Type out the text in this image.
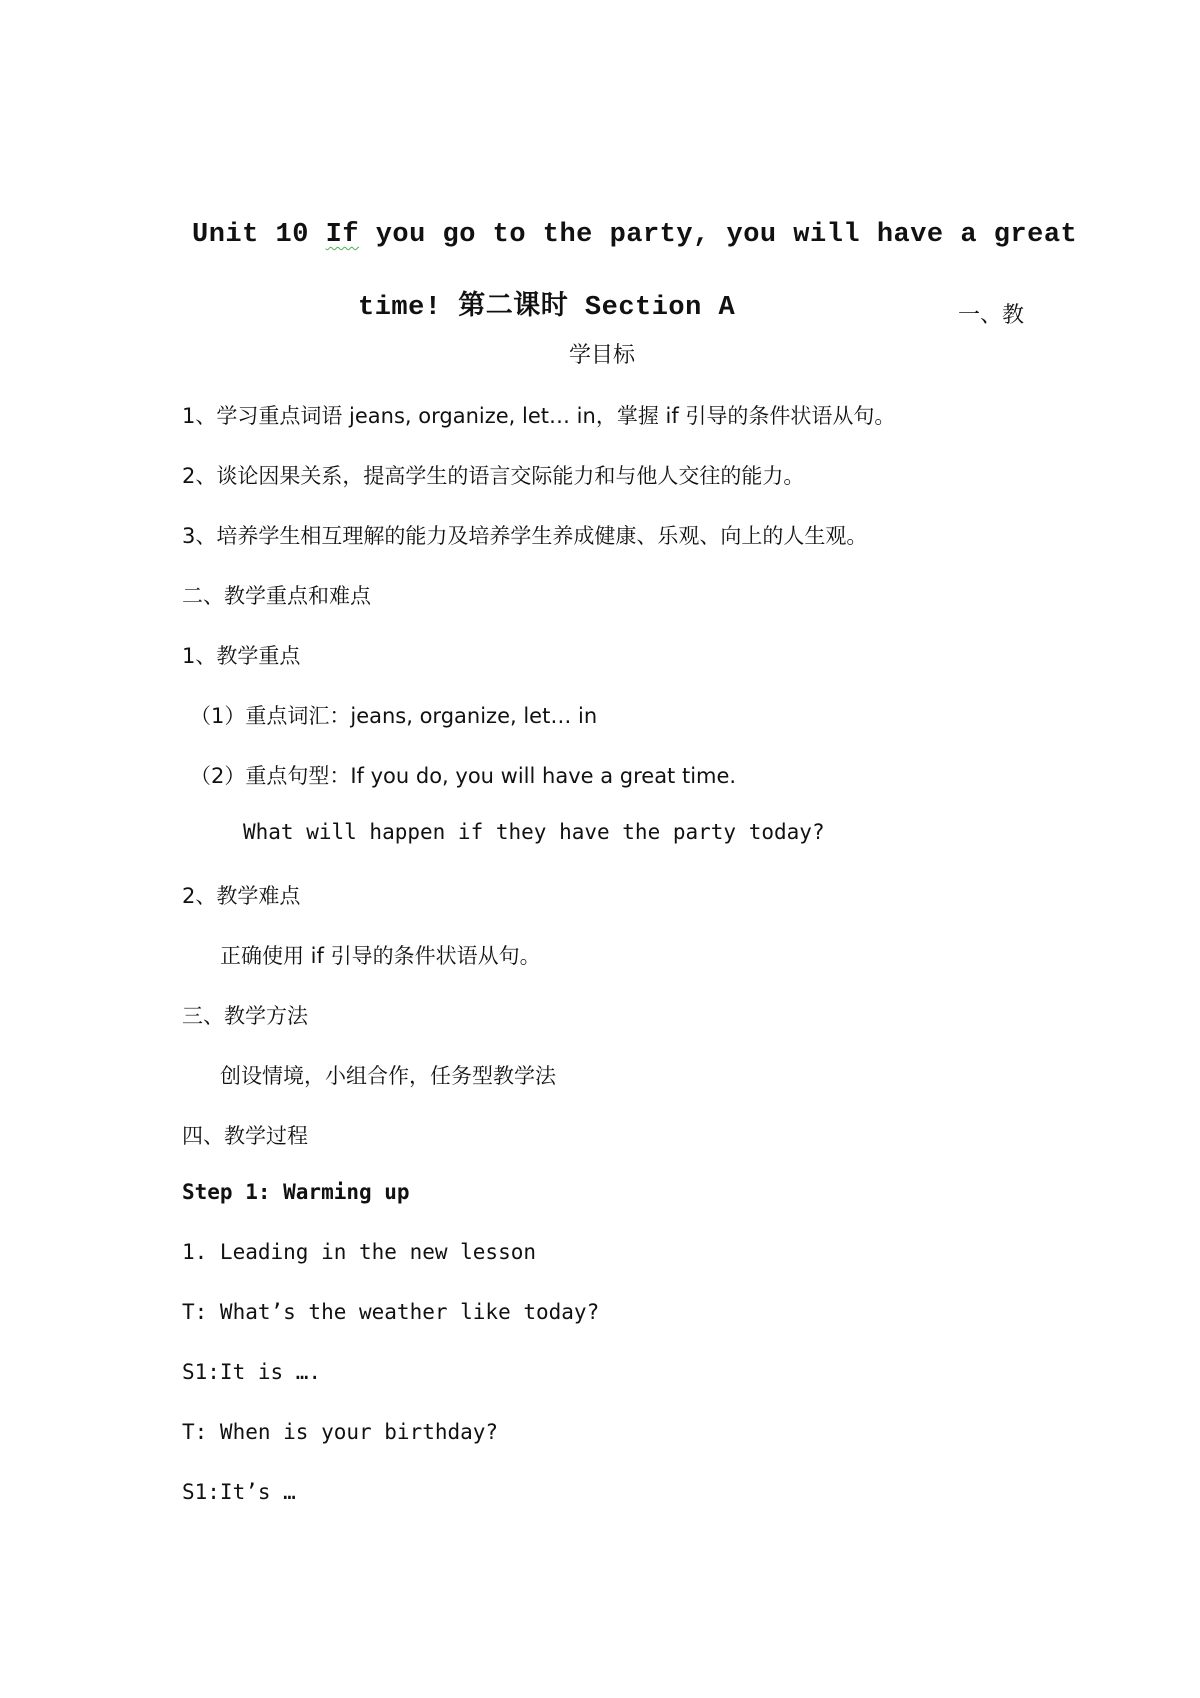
Unit 10 If you go to the party, you will have a great
time! 第二课时 Section A	一、教
学目标
1、学习重点词语 jeans, organize, let… in，掌握 if 引导的条件状语从句。
2、谈论因果关系，提高学生的语言交际能力和与他人交往的能力。
3、培养学生相互理解的能力及培养学生养成健康、乐观、向上的人生观。
二、教学重点和难点
1、教学重点
（1）重点词汇：jeans, organize, let… in
（2）重点句型：If you do, you will have a great time.
What will happen if they have the party today?
2、教学难点
正确使用 if 引导的条件状语从句。
三、教学方法
创设情境，小组合作，任务型教学法
四、教学过程
Step 1: Warming up
1. Leading in the new lesson
T: What’s the weather like today?
S1:It is ….
T: When is your birthday?
S1:It’s …
